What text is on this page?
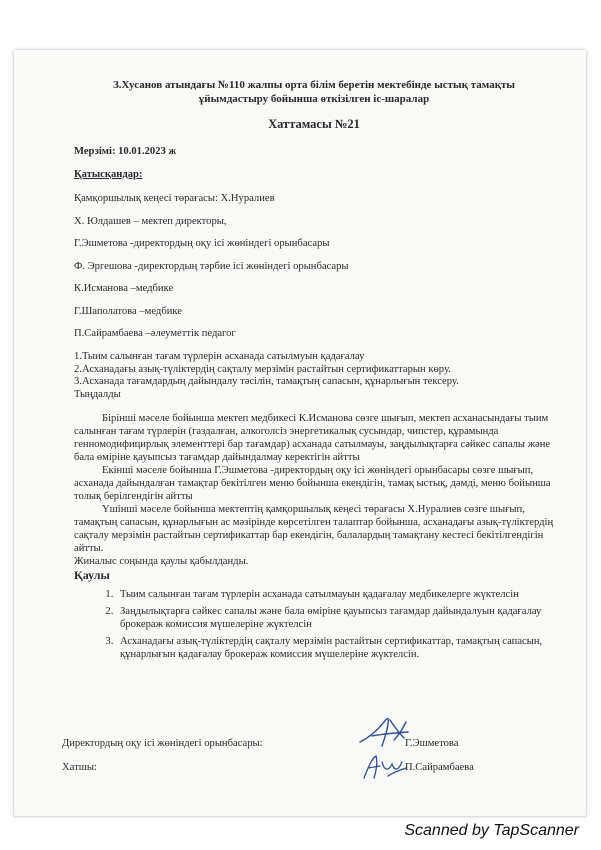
З.Хусанов атындағы №110 жалпы орта білім беретін мектебінде ыстық тамақты

ұйымдастыру бойынша өткізілген іс-шаралар

Хаттамасы №21

Мерзімі: 10.01.2023 ж

Қатысқандар:

Қамқоршылық кеңесі төрағасы: Х.Нуралиев

Х. Юлдашев – мектеп директоры,

Г.Эшметова -директордың оқу ісі жөніндегі орынбасары

Ф. Эргешова -директордың тәрбие ісі жөніндегі орынбасары

К.Исманова –медбике

Г.Шаполатова –медбике

П.Сайрамбаева –әлеуметтік педагог

1.Тыим салынған тағам түрлерін асханада сатылмуын қадағалау
2.Асханадағы азық-түліктердің сақталу мерзімін растайтын сертификаттарын көру.
3.Асханада тағамдардың дайындалу тәсілін, тамақтың сапасын, құнарлығын тексеру.
Тыңдалды

Бірінші мәселе бойынша мектеп медбикесі К.Исманова сөзге шығып, мектеп асханасындағы тыим салынған тағам түрлерін (газдалған, алкоголсіз энергетикалық сусындар, чипстер, құрамында генномодифицирлық элементтері бар тағамдар) асханада сатылмауы, заңдылықтарға сәйкес сапалы және бала өміріне қауыпсыз тағамдар дайындалмау керектігін айтты

Екінші мәселе бойынша Г.Эшметова -директордың оқу ісі жөніндегі орынбасары сөзге шығып, асханада дайындалған тамақтар бекітілген меню бойынша екендігін, тамақ ыстық, дәмді, меню бойынша толық берілгендігін айтты

Үшінші мәселе бойынша мектептің қамқоршылық кеңесі төрағасы Х.Нуралиев сөзге шығып, тамақтың сапасын, құнарлығын ас мәзірінде көрсетілген талаптар бойынша, асханадағы азық-түліктердің сақталу мерзімін растайтын сертификаттар бар екендігін, балалардың тамақтану кестесі бекітілгендігін айтты.

Жиналыс соңында қаулы қабылданды.

Қаулы

1. Тыим салынған тағам түрлерін асханада сатылмауын қадағалау медбикелерге жүктелсін
2. Заңдылықтарға сәйкес сапалы және бала өміріне қауыпсыз тағамдар дайындалуын қадағалау брокераж комиссия мүшелеріне жүктелсін
3. Асханадағы азық-түліктердің сақталу мерзімін растайтын сертификаттар, тамақтың сапасын, құнарлығын қадағалау брокераж комиссия мүшелеріне жүктелсін.
Директордың оқу ісі жөніндегі орынбасары:	Г.Эшметова
Хатшы:	П.Сайрамбаева
Scanned by TapScanner
